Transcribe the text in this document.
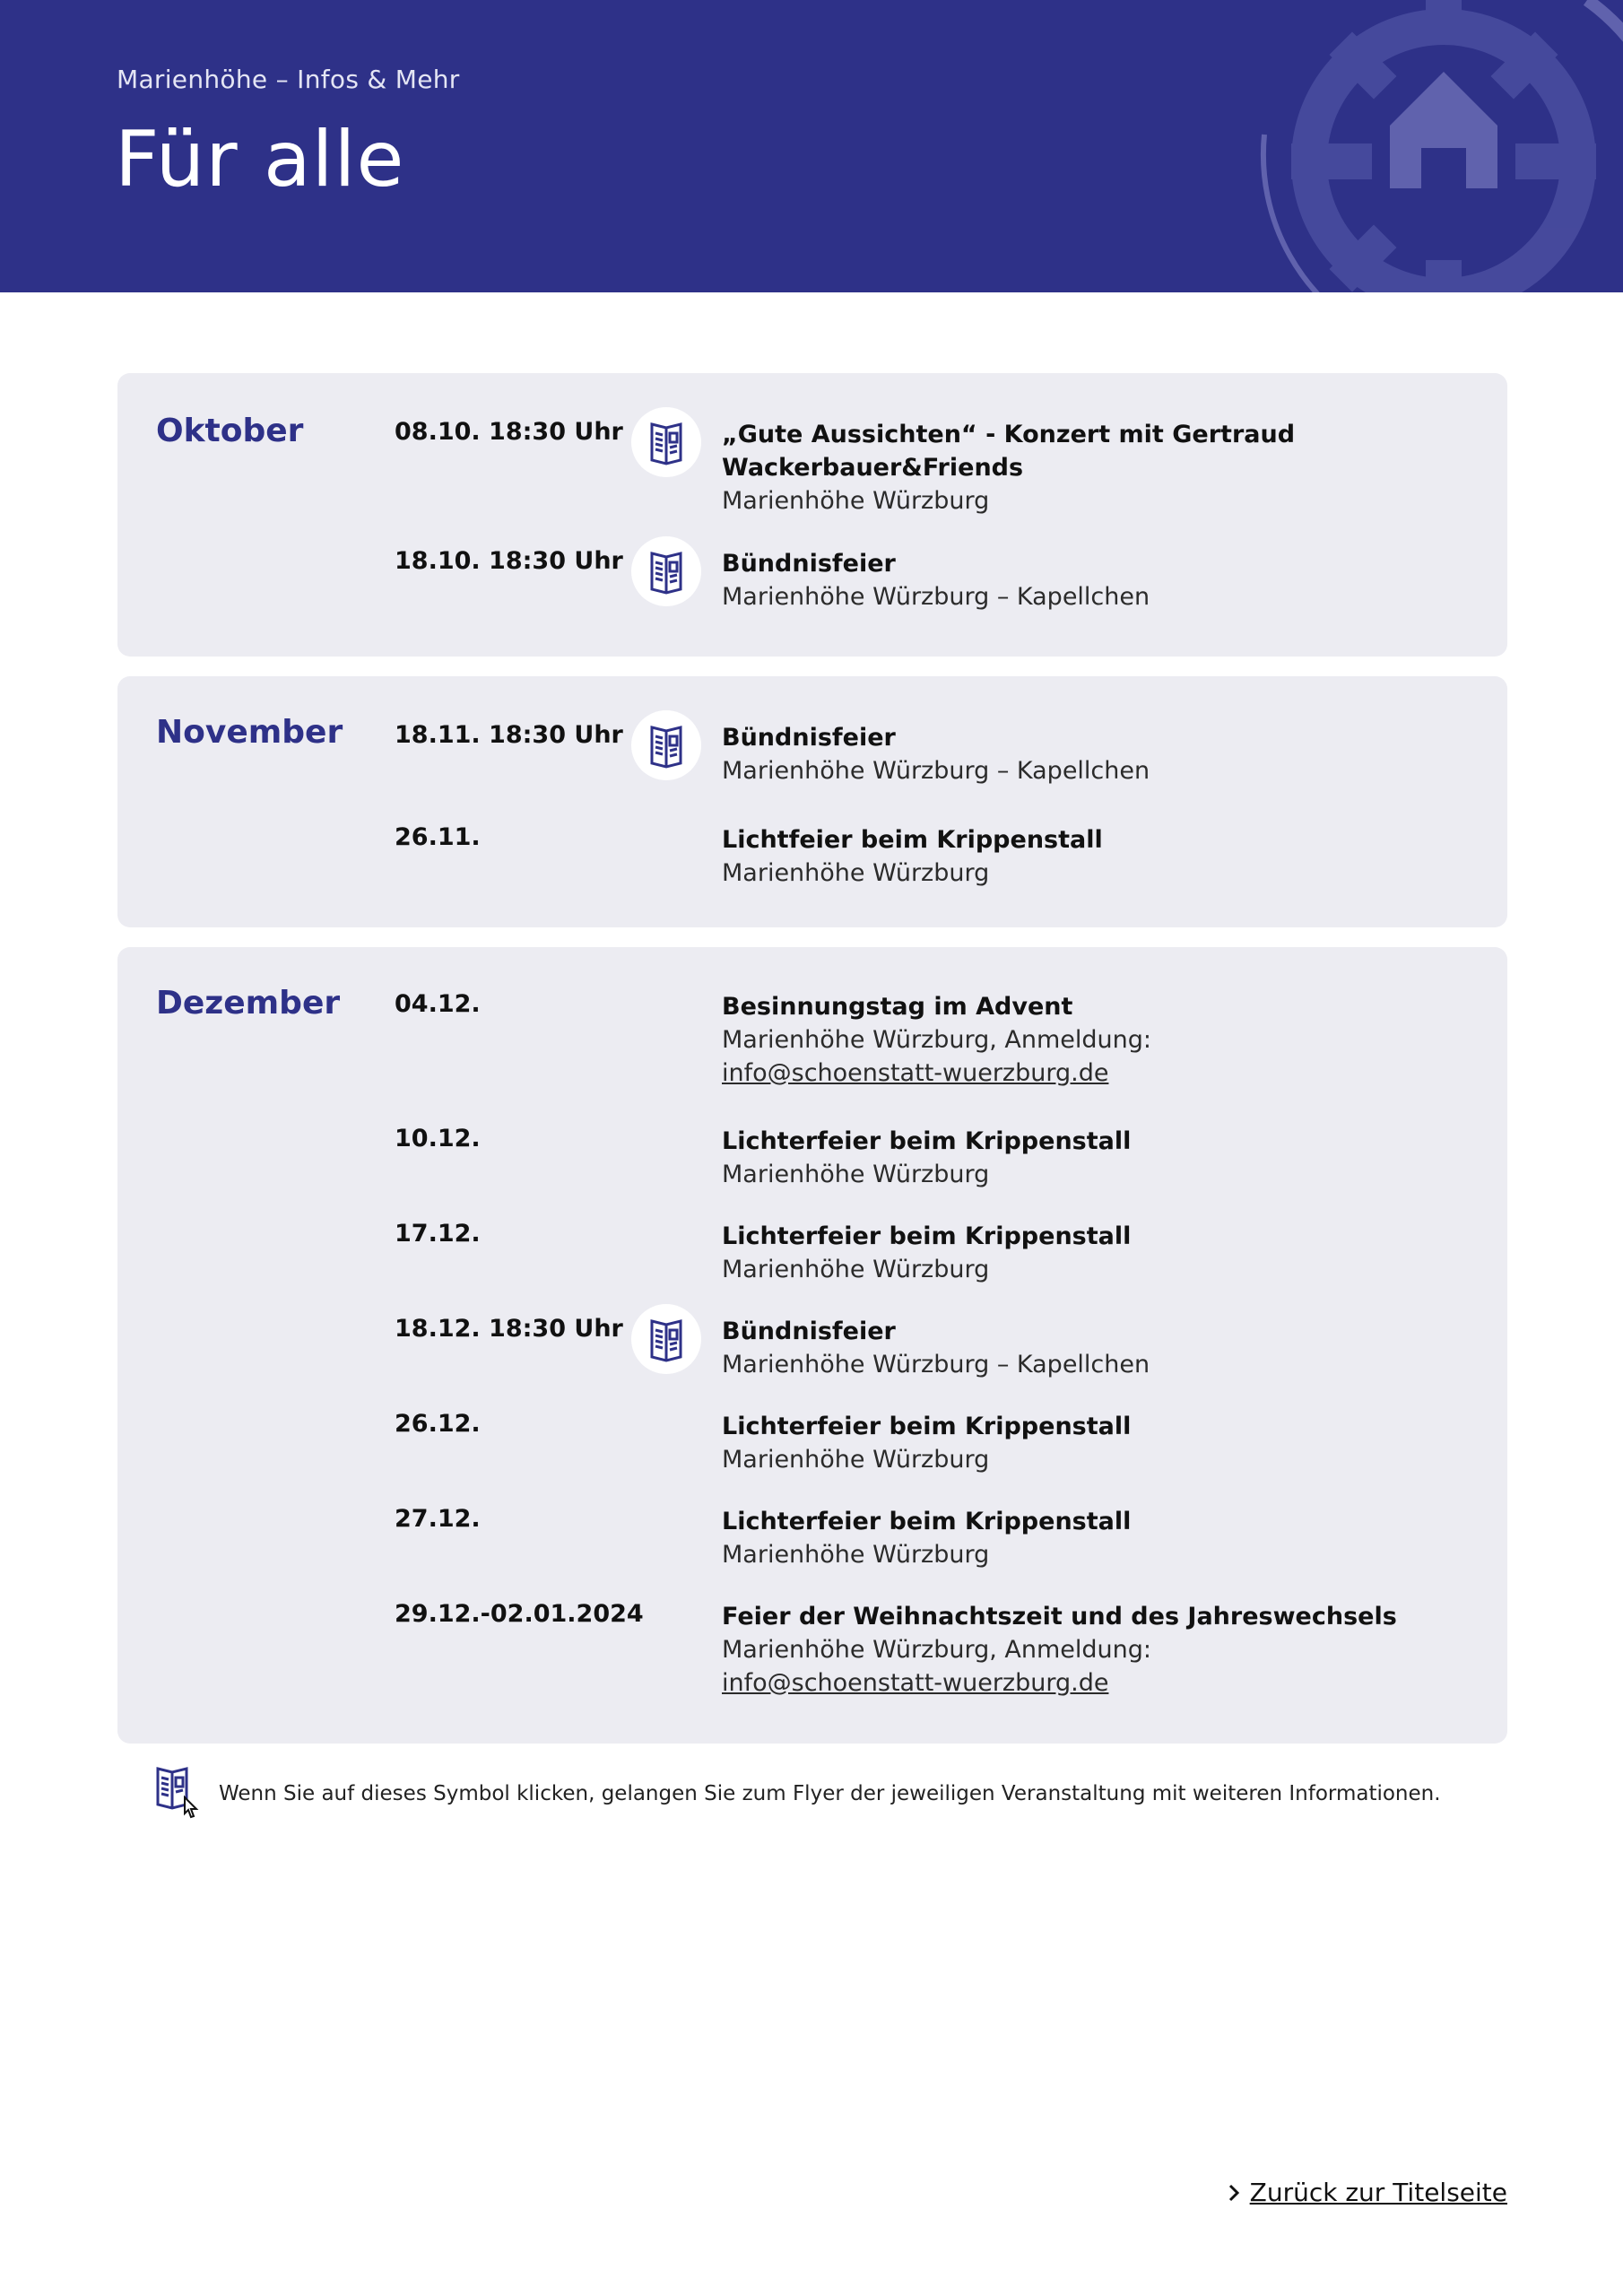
Marienhöhe – Infos & Mehr
Für alle
Oktober	08.10. 18:30 Uhr	„Gute Aussichten“ - Konzert mit Gertraud Wackerbauer&Friends
Marienhöhe Würzburg
18.10. 18:30 Uhr	Bündnisfeier
Marienhöhe Würzburg – Kapellchen
November 18.11. 18:30 Uhr	Bündnisfeier
Marienhöhe Würzburg – Kapellchen
26.11.	Lichtfeier beim Krippenstall
Marienhöhe Würzburg
Dezember 04.12.	Besinnungstag im Advent
Marienhöhe Würzburg, Anmeldung:
info@schoenstatt-wuerzburg.de
10.12.	Lichterfeier beim Krippenstall
Marienhöhe Würzburg
17.12.	Lichterfeier beim Krippenstall
Marienhöhe Würzburg
18.12. 18:30 Uhr	Bündnisfeier
Marienhöhe Würzburg – Kapellchen
26.12.	Lichterfeier beim Krippenstall
Marienhöhe Würzburg
27.12.	Lichterfeier beim Krippenstall
Marienhöhe Würzburg
29.12.-02.01.2024	Feier der Weihnachtszeit und des Jahreswechsels
Marienhöhe Würzburg, Anmeldung:
info@schoenstatt-wuerzburg.de
Wenn Sie auf dieses Symbol klicken, gelangen Sie zum Flyer der jeweiligen Veranstaltung mit weiteren Informationen.
Zurück zur Titelseite
